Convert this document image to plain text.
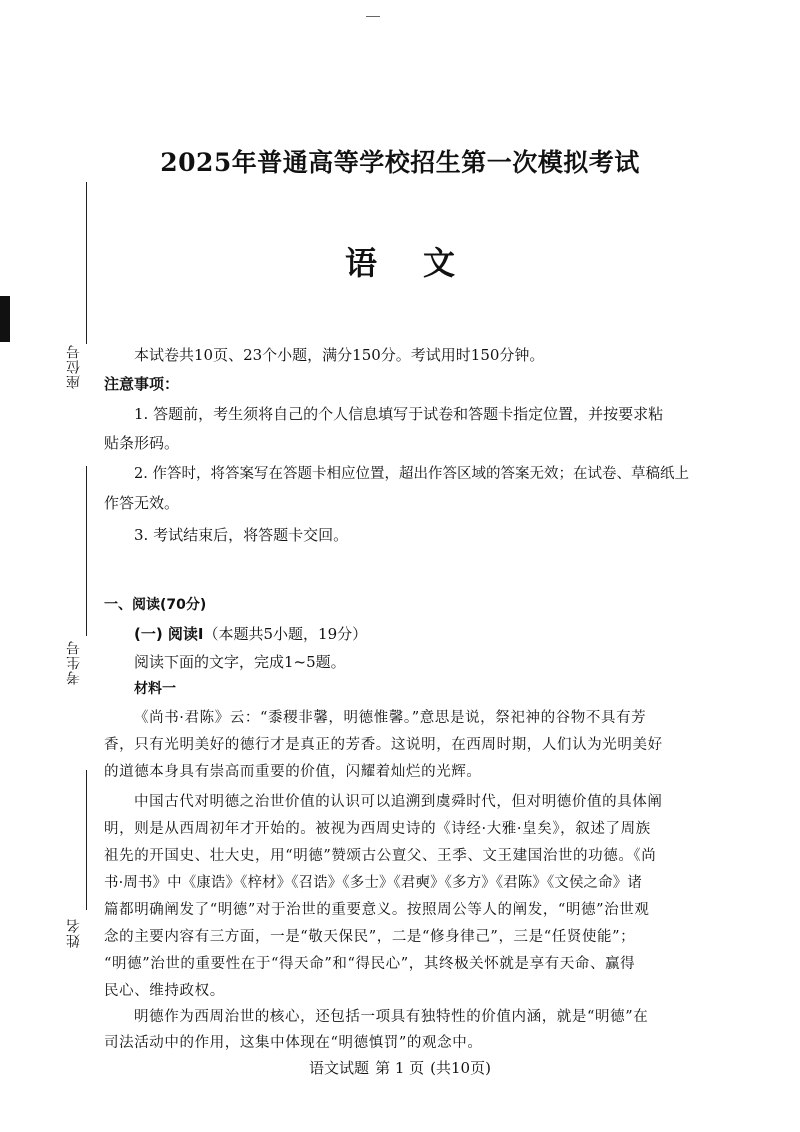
座位号
考生号
姓名
2025年普通高等学校招生第一次模拟考试
语 文
本试卷共10页、23个小题，满分150分。考试用时150分钟。
注意事项：
1. 答题前，考生须将自己的个人信息填写于试卷和答题卡指定位置，并按要求粘
贴条形码。
2. 作答时，将答案写在答题卡相应位置，超出作答区域的答案无效；在试卷、草稿纸上
作答无效。
3. 考试结束后，将答题卡交回。
一、阅读(70分)
(一) 阅读I（本题共5小题，19分）
阅读下面的文字，完成1~5题。
材料一
《尚书·君陈》云：“黍稷非馨，明德惟馨。”意思是说，祭祀神的谷物不具有芳
香，只有光明美好的德行才是真正的芳香。这说明，在西周时期，人们认为光明美好
的道德本身具有崇高而重要的价值，闪耀着灿烂的光辉。
中国古代对明德之治世价值的认识可以追溯到虞舜时代，但对明德价值的具体阐
明，则是从西周初年才开始的。被视为西周史诗的《诗经·大雅·皇矣》，叙述了周族
祖先的开国史、壮大史，用“明德”赞颂古公亶父、王季、文王建国治世的功德。《尚
书·周书》中《康诰》《梓材》《召诰》《多士》《君奭》《多方》《君陈》《文侯之命》诸
篇都明确阐发了“明德”对于治世的重要意义。按照周公等人的阐发，“明德”治世观
念的主要内容有三方面，一是“敬天保民”，二是“修身律己”，三是“任贤使能”；
“明德”治世的重要性在于“得天命”和“得民心”，其终极关怀就是享有天命、赢得
民心、维持政权。
明德作为西周治世的核心，还包括一项具有独特性的价值内涵，就是“明德”在
司法活动中的作用，这集中体现在“明德慎罚”的观念中。
语文试题 第 1 页 (共10页)
